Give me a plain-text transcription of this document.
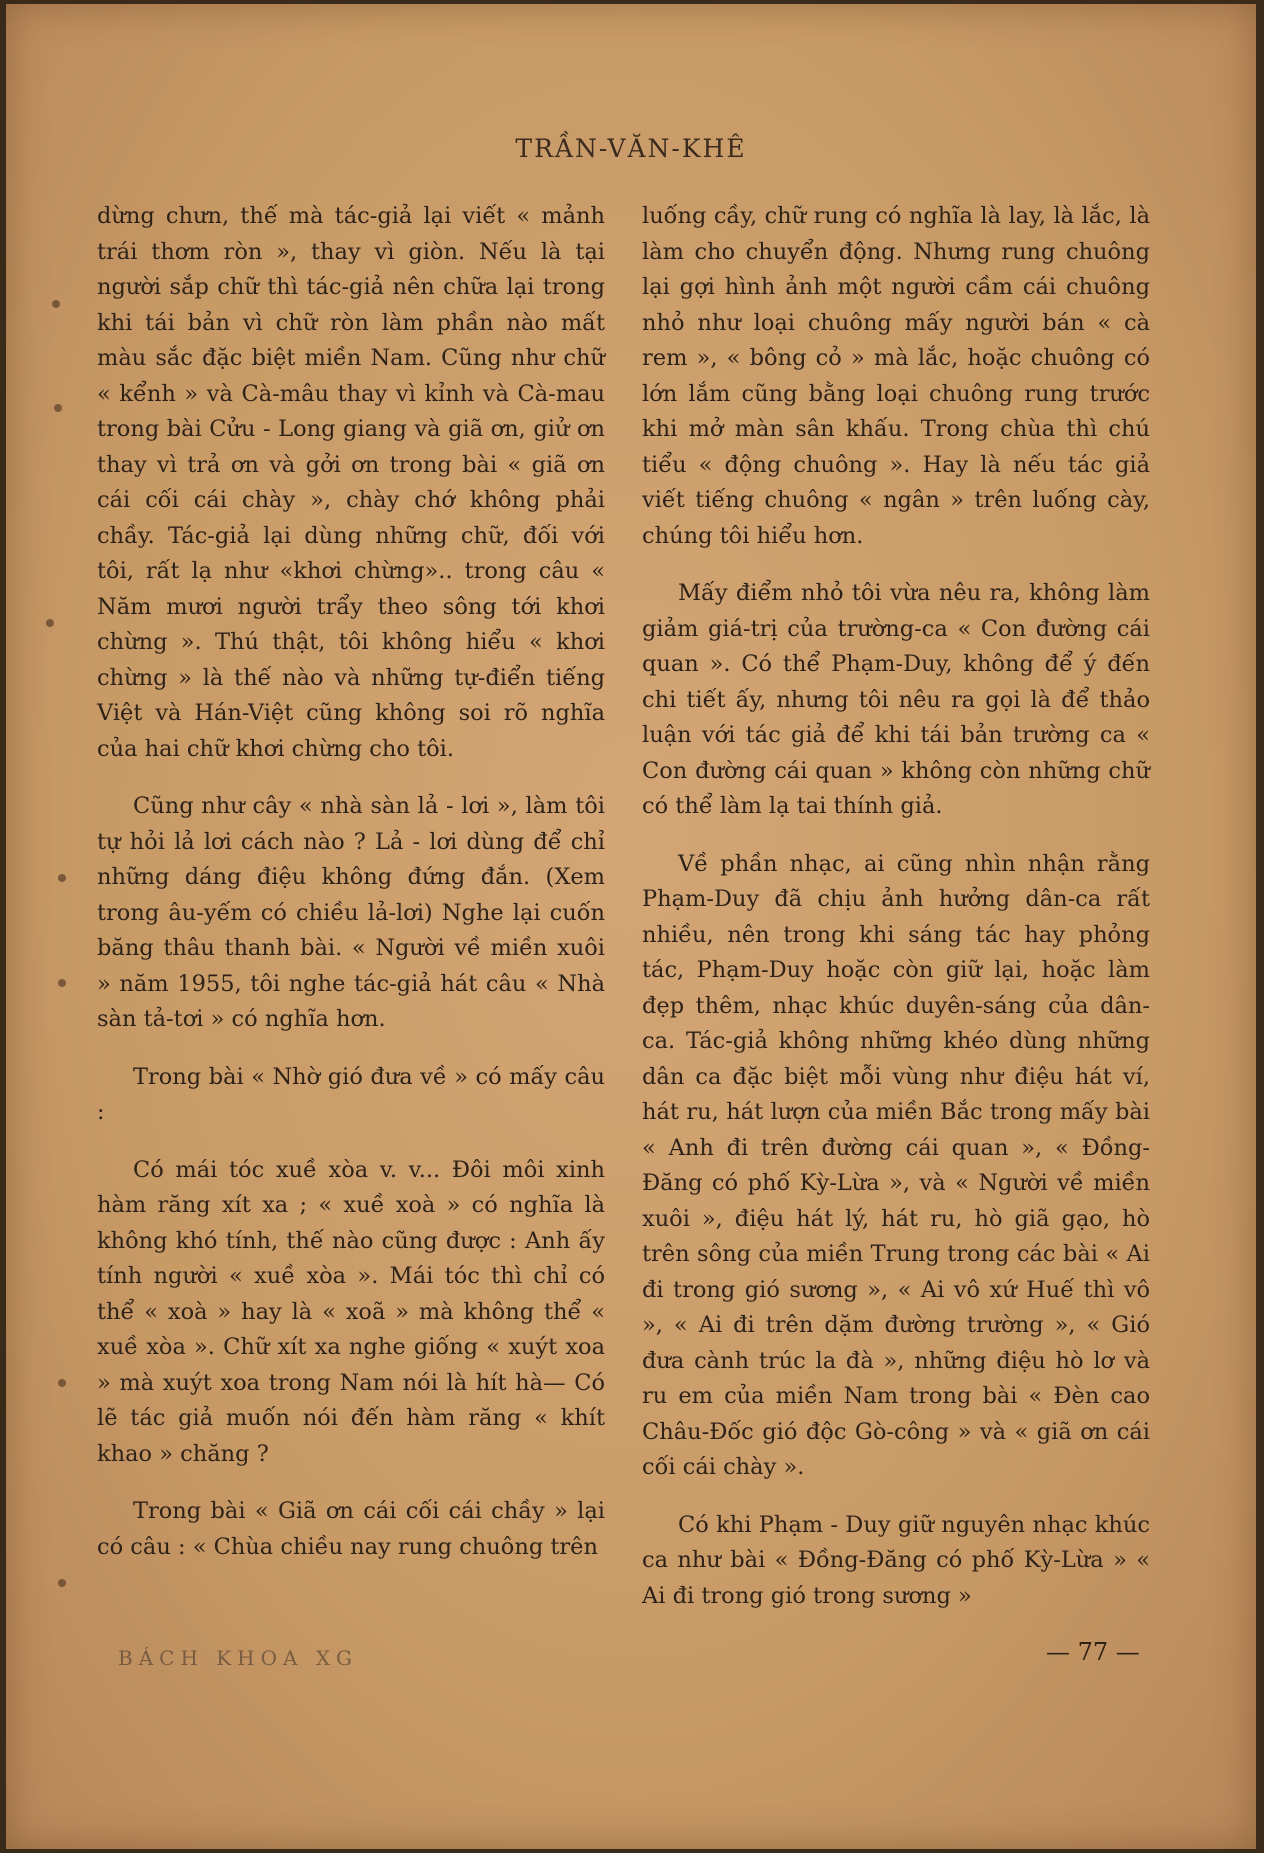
TRẦN-VĂN-KHÊ

dừng chưn, thế mà tác-giả lại viết « mảnh trái thơm ròn », thay vì giòn. Nếu là tại người sắp chữ thì tác-giả nên chữa lại trong khi tái bản vì chữ ròn làm phần nào mất màu sắc đặc biệt miền Nam. Cũng như chữ « kểnh » và Cà-mâu thay vì kỉnh và Cà-mau trong bài Cửu - Long giang và giã ơn, giử ơn thay vì trả ơn và gởi ơn trong bài « giã ơn cái cối cái chày », chày chớ không phải chầy. Tác-giả lại dùng những chữ, đối với tôi, rất lạ như «khơi chừng».. trong câu « Năm mươi người trẩy theo sông tới khơi chừng ». Thú thật, tôi không hiểu « khơi chừng » là thế nào và những tự-điển tiếng Việt và Hán-Việt cũng không soi rõ nghĩa của hai chữ khơi chừng cho tôi.

Cũng như cây « nhà sàn lả - lơi », làm tôi tự hỏi lả lơi cách nào ? Lả - lơi dùng để chỉ những dáng điệu không đứng đắn. (Xem trong âu-yếm có chiều lả-lơi) Nghe lại cuốn băng thâu thanh bài. « Người về miền xuôi » năm 1955, tôi nghe tác-giả hát câu « Nhà sàn tả-tơi » có nghĩa hơn.

Trong bài « Nhờ gió đưa về » có mấy câu :

Có mái tóc xuề xòa v. v... Đôi môi xinh hàm răng xít xa ; « xuề xoà » có nghĩa là không khó tính, thế nào cũng được : Anh ấy tính người « xuề xòa ». Mái tóc thì chỉ có thể « xoà » hay là « xoã » mà không thể « xuề xòa ». Chữ xít xa nghe giống « xuýt xoa » mà xuýt xoa trong Nam nói là hít hà— Có lẽ tác giả muốn nói đến hàm răng « khít khao » chăng ?

Trong bài « Giã ơn cái cối cái chầy » lại có câu : « Chùa chiều nay rung chuông trên

luống cầy, chữ rung có nghĩa là lay, là lắc, là làm cho chuyển động. Nhưng rung chuông lại gợi hình ảnh một người cầm cái chuông nhỏ như loại chuông mấy người bán « cà rem », « bông cỏ » mà lắc, hoặc chuông có lớn lắm cũng bằng loại chuông rung trước khi mở màn sân khấu. Trong chùa thì chú tiểu « động chuông ». Hay là nếu tác giả viết tiếng chuông « ngân » trên luống cày, chúng tôi hiểu hơn.

Mấy điểm nhỏ tôi vừa nêu ra, không làm giảm giá-trị của trường-ca « Con đường cái quan ». Có thể Phạm-Duy, không để ý đến chi tiết ấy, nhưng tôi nêu ra gọi là để thảo luận với tác giả để khi tái bản trường ca « Con đường cái quan » không còn những chữ có thể làm lạ tai thính giả.

Về phần nhạc, ai cũng nhìn nhận rằng Phạm-Duy đã chịu ảnh hưởng dân-ca rất nhiều, nên trong khi sáng tác hay phỏng tác, Phạm-Duy hoặc còn giữ lại, hoặc làm đẹp thêm, nhạc khúc duyên-sáng của dân-ca. Tác-giả không những khéo dùng những dân ca đặc biệt mỗi vùng như điệu hát ví, hát ru, hát lượn của miền Bắc trong mấy bài « Anh đi trên đường cái quan », « Đồng-Đăng có phố Kỳ-Lừa », và « Người về miền xuôi », điệu hát lý, hát ru, hò giã gạo, hò trên sông của miền Trung trong các bài « Ai đi trong gió sương », « Ai vô xứ Huế thì vô », « Ai đi trên dặm đường trường », « Gió đưa cành trúc la đà », những điệu hò lơ và ru em của miền Nam trong bài « Đèn cao Châu-Đốc gió độc Gò-công » và « giã ơn cái cối cái chày ».

Có khi Phạm - Duy giữ nguyên nhạc khúc ca như bài « Đồng-Đăng có phố Kỳ-Lừa » « Ai đi trong gió trong sương »

BÁCH KHOA XG	— 77 —
